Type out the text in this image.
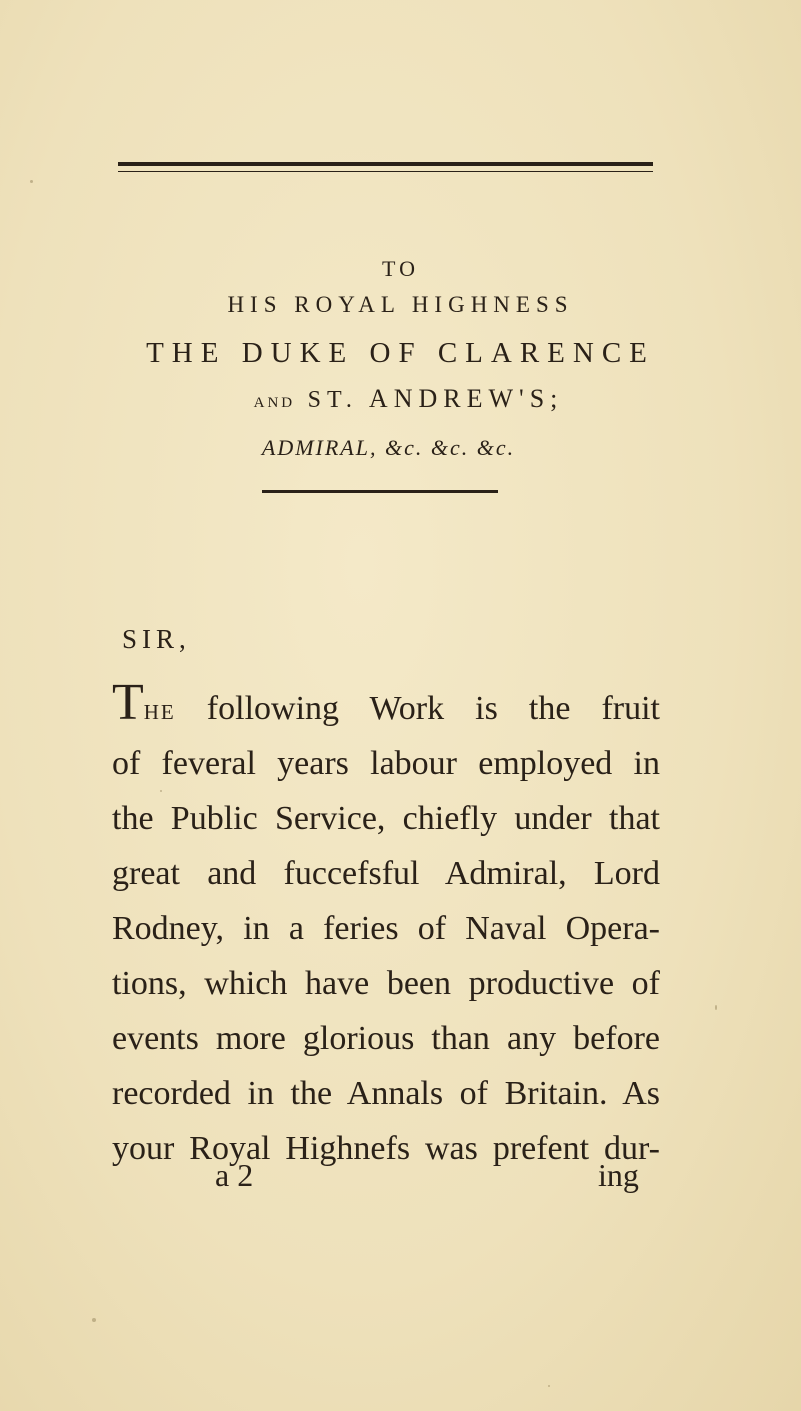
TO

HIS ROYAL HIGHNESS

THE DUKE OF CLARENCE

AND ST. ANDREW'S;

ADMIRAL, &c. &c. &c.

SIR,

THE following Work is the fruit
of feveral years labour employed in
the Public Service, chiefly under that
great and fuccefsful Admiral, Lord
Rodney, in a feries of Naval Opera-
tions, which have been productive of
events more glorious than any before
recorded in the Annals of Britain. As
your Royal Highnefs was prefent dur-

a 2	ing
